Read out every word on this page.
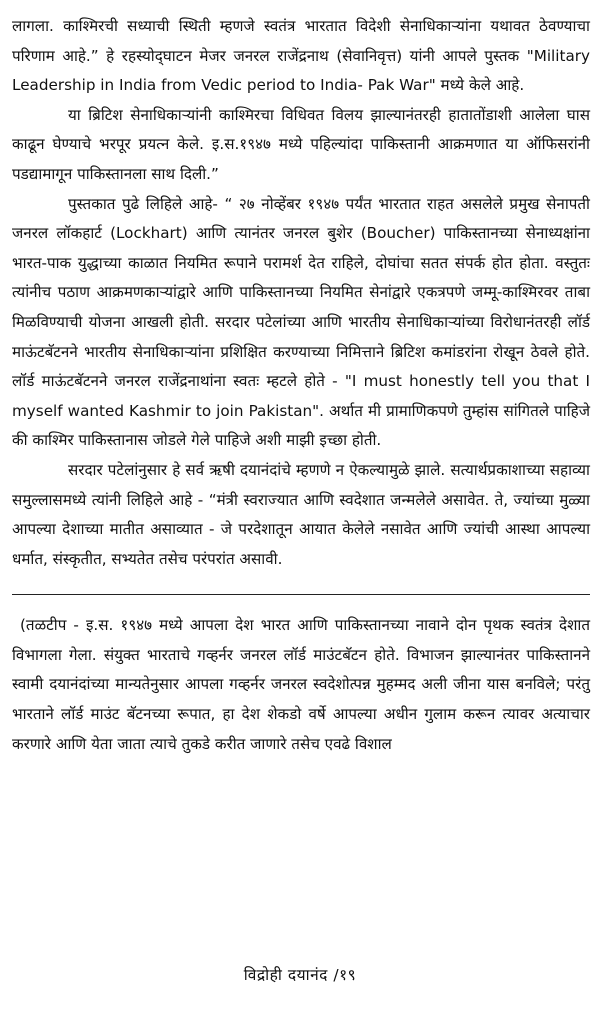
लागला. काश्मिरची सध्याची स्थिती म्हणजे स्वतंत्र भारतात विदेशी सेनाधिकाऱ्यांना यथावत ठेवण्याचा परिणाम आहे.” हे रहस्योद्‌घाटन मेजर जनरल राजेंद्रनाथ (सेवानिवृत्त) यांनी आपले पुस्तक "Military Leadership in India from Vedic period to India- Pak War" मध्ये केले आहे.

या ब्रिटिश सेनाधिकाऱ्यांनी काश्मिरचा विधिवत विलय झाल्यानंतरही हातातोंडाशी आलेला घास काढून घेण्याचे भरपूर प्रयत्न केले. इ.स.१९४७ मध्ये पहिल्यांदा पाकिस्तानी आक्रमणात या ऑफिसरांनी पडद्यामागून पाकिस्तानला साथ दिली.”

पुस्तकात पुढे लिहिले आहे- “ २७ नोव्हेंबर १९४७ पर्यंत भारतात राहत असलेले प्रमुख सेनापती जनरल लॉकहार्ट (Lockhart) आणि त्यानंतर जनरल बुशेर (Boucher) पाकिस्तानच्या सेनाध्यक्षांना भारत-पाक युद्धाच्या काळात नियमित रूपाने परामर्श देत राहिले, दोघांचा सतत संपर्क होत होता. वस्तुतः त्यांनीच पठाण आक्रमणकाऱ्यांद्वारे आणि पाकिस्तानच्या नियमित सेनांद्वारे एकत्रपणे जम्मू-काश्मिरवर ताबा मिळविण्याची योजना आखली होती. सरदार पटेलांच्या आणि भारतीय सेनाधिकाऱ्यांच्या विरोधानंतरही लॉर्ड माऊंटबॅटनने भारतीय सेनाधिकाऱ्यांना प्रशिक्षित करण्याच्या निमित्ताने ब्रिटिश कमांडरांना रोखून ठेवले होते. लॉर्ड माऊंटबॅटनने जनरल राजेंद्रनाथांना स्वतः म्हटले होते - "I must honestly tell you that I myself wanted Kashmir to join Pakistan". अर्थात मी प्रामाणिकपणे तुम्हांस सांगितले पाहिजे की काश्मिर पाकिस्तानास जोडले गेले पाहिजे अशी माझी इच्छा होती.

सरदार पटेलांनुसार हे सर्व ऋषी दयानंदांचे म्हणणे न ऐकल्यामुळे झाले. सत्यार्थप्रकाशाच्या सहाव्या समुल्लासमध्ये त्यांनी लिहिले आहे - “मंत्री स्वराज्यात आणि स्वदेशात जन्मलेले असावेत. ते, ज्यांच्या मुळ्या आपल्या देशाच्या मातीत असाव्यात - जे परदेशातून आयात केलेले नसावेत आणि ज्यांची आस्था आपल्या धर्मात, संस्कृतीत, सभ्यतेत तसेच परंपरांत असावी.

(तळटीप - इ.स. १९४७ मध्ये आपला देश भारत आणि पाकिस्तानच्या नावाने दोन पृथक स्वतंत्र देशात विभागला गेला. संयुक्त भारताचे गव्हर्नर जनरल लॉर्ड माउंटबॅटन होते. विभाजन झाल्यानंतर पाकिस्तानने स्वामी दयानंदांच्या मान्यतेनुसार आपला गव्हर्नर जनरल स्वदेशोत्पन्न मुहम्मद अली जीना यास बनविले; परंतु भारताने लॉर्ड माउंट बॅटनच्या रूपात, हा देश शेकडो वर्षे आपल्या अधीन गुलाम करून त्यावर अत्याचार करणारे आणि येता जाता त्याचे तुकडे करीत जाणारे तसेच एवढे विशाल

विद्रोही दयानंद /१९
